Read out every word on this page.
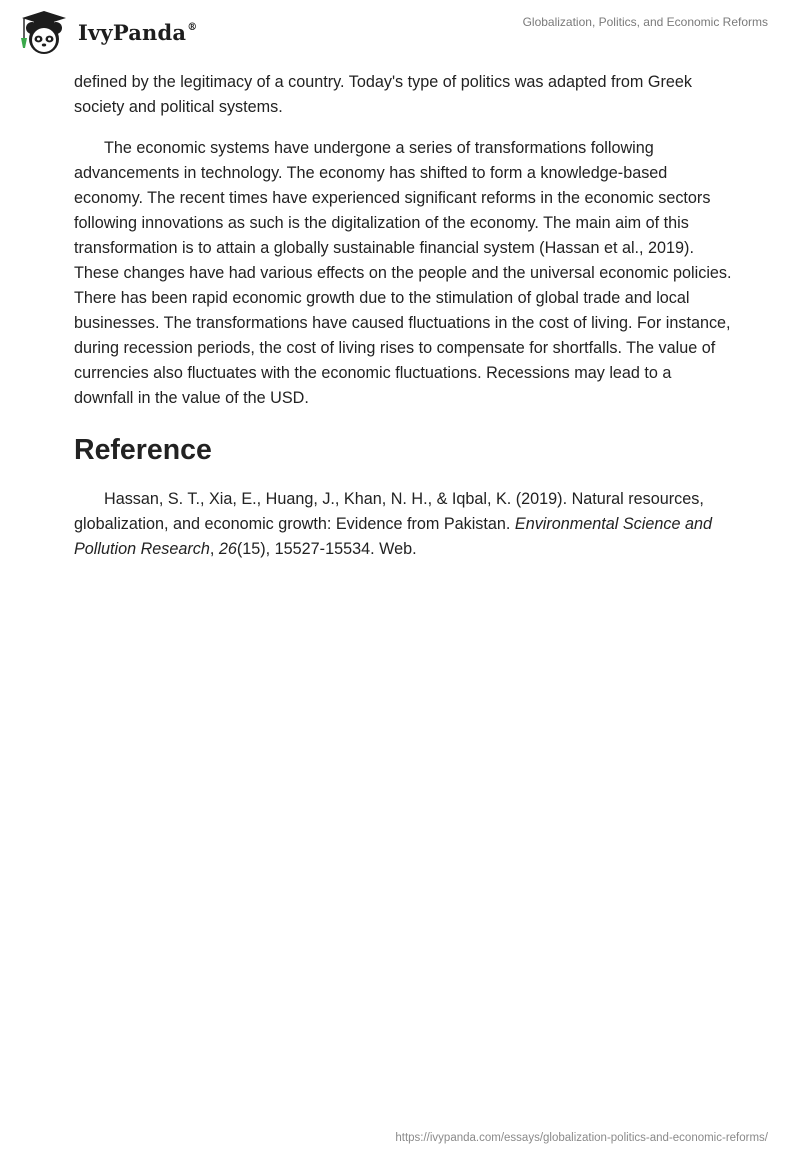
IvyPanda®	Globalization, Politics, and Economic Reforms

defined by the legitimacy of a country. Today's type of politics was adapted from Greek society and political systems.

The economic systems have undergone a series of transformations following advancements in technology. The economy has shifted to form a knowledge-based economy. The recent times have experienced significant reforms in the economic sectors following innovations as such is the digitalization of the economy. The main aim of this transformation is to attain a globally sustainable financial system (Hassan et al., 2019). These changes have had various effects on the people and the universal economic policies. There has been rapid economic growth due to the stimulation of global trade and local businesses. The transformations have caused fluctuations in the cost of living. For instance, during recession periods, the cost of living rises to compensate for shortfalls. The value of currencies also fluctuates with the economic fluctuations. Recessions may lead to a downfall in the value of the USD.

Reference

Hassan, S. T., Xia, E., Huang, J., Khan, N. H., & Iqbal, K. (2019). Natural resources, globalization, and economic growth: Evidence from Pakistan. Environmental Science and Pollution Research, 26(15), 15527-15534. Web.

https://ivypanda.com/essays/globalization-politics-and-economic-reforms/
